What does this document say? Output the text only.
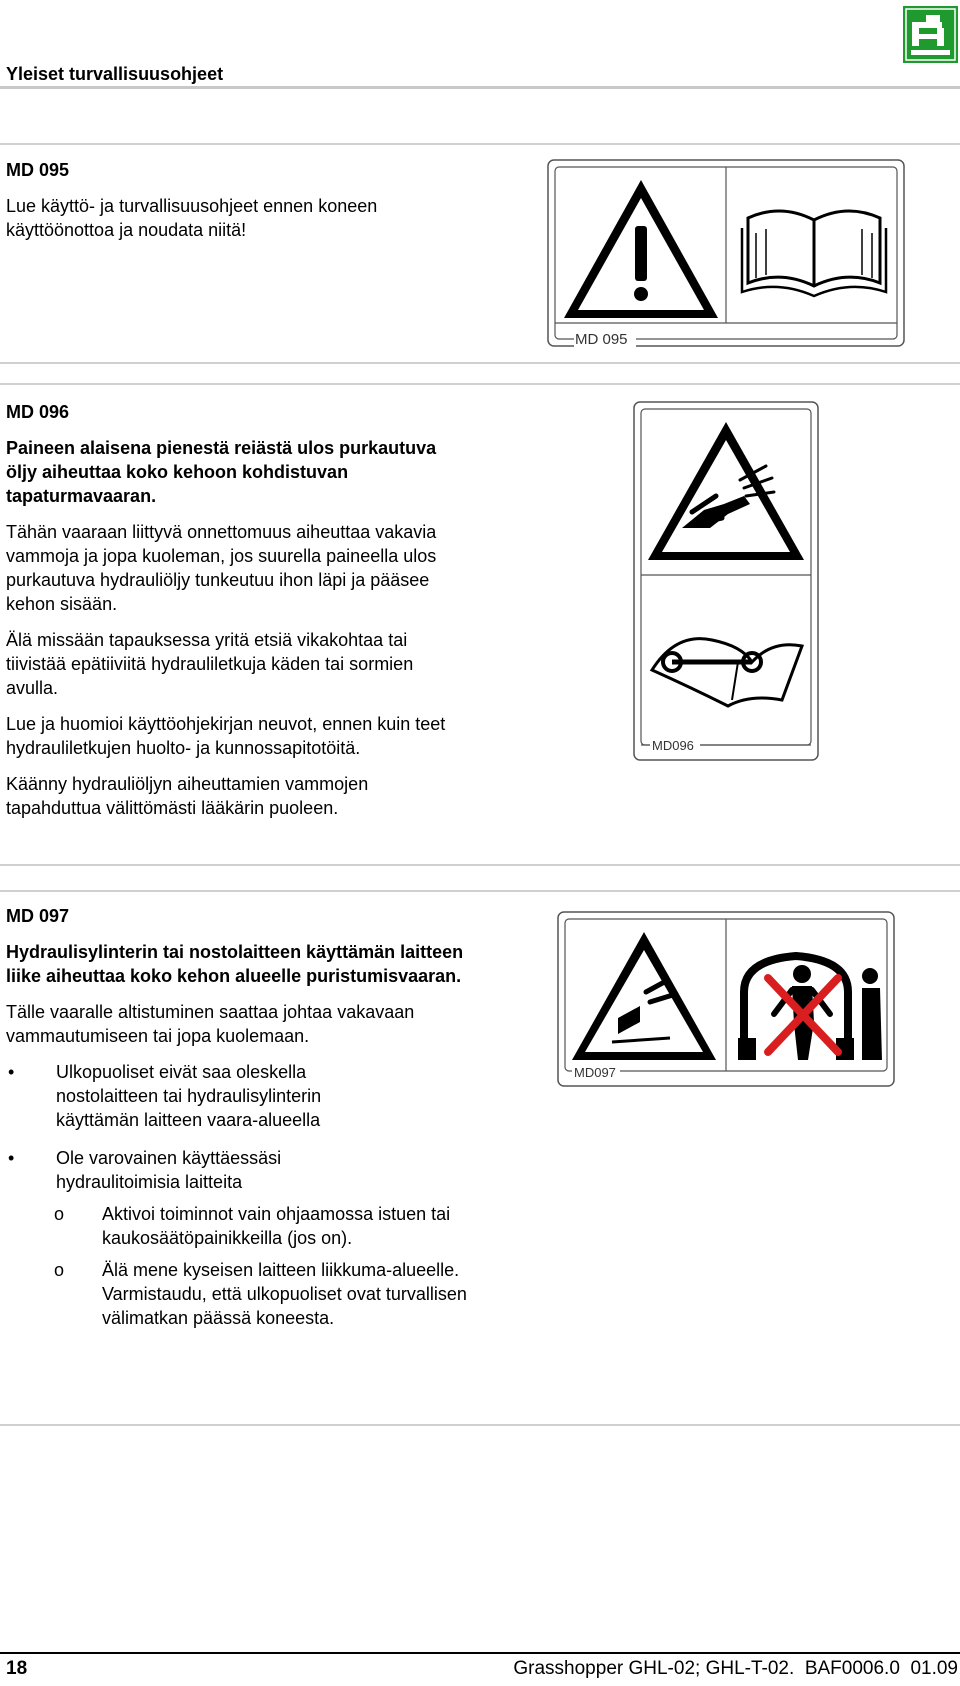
Yleiset turvallisuusohjeet
MD 095

Lue käyttö- ja turvallisuusohjeet ennen koneen käyttöönottoa ja noudata niitä!

MD 095
MD 096

Paineen alaisena pienestä reiästä ulos purkautuva öljy aiheuttaa koko kehoon kohdistuvan tapaturmavaaran.

Tähän vaaraan liittyvä onnettomuus aiheuttaa vakavia vammoja ja jopa kuoleman, jos suurella paineella ulos purkautuva hydrauliöljy tunkeutuu ihon läpi ja pääsee kehon sisään.

Älä missään tapauksessa yritä etsiä vikakohtaa tai tiivistää epätiiviitä hydrauliletkuja käden tai sormien avulla.

Lue ja huomioi käyttöohjekirjan neuvot, ennen kuin teet hydrauliletkujen huolto- ja kunnossapitotöitä.

Käänny hydrauliöljyn aiheuttamien vammojen tapahduttua välittömästi lääkärin puoleen.

MD096
MD 097

Hydraulisylinterin tai nostolaitteen käyttämän laitteen liike aiheuttaa koko kehon alueelle puristumisvaaran.

Tälle vaaralle altistuminen saattaa johtaa vakavaan vammautumiseen tai jopa kuolemaan.

•	Ulkopuoliset eivät saa oleskella nostolaitteen tai hydraulisylinterin käyttämän laitteen vaara-alueella
•	Ole varovainen käyttäessäsi hydraulitoimisia laitteita
o	Aktivoi toiminnot vain ohjaamossa istuen tai kaukosäätöpainikkeilla (jos on).
o	Älä mene kyseisen laitteen liikkuma-alueelle. Varmistaudu, että ulkopuoliset ovat turvallisen välimatkan päässä koneesta.
MD097
18	Grasshopper GHL-02; GHL-T-02.  BAF0006.0  01.09
